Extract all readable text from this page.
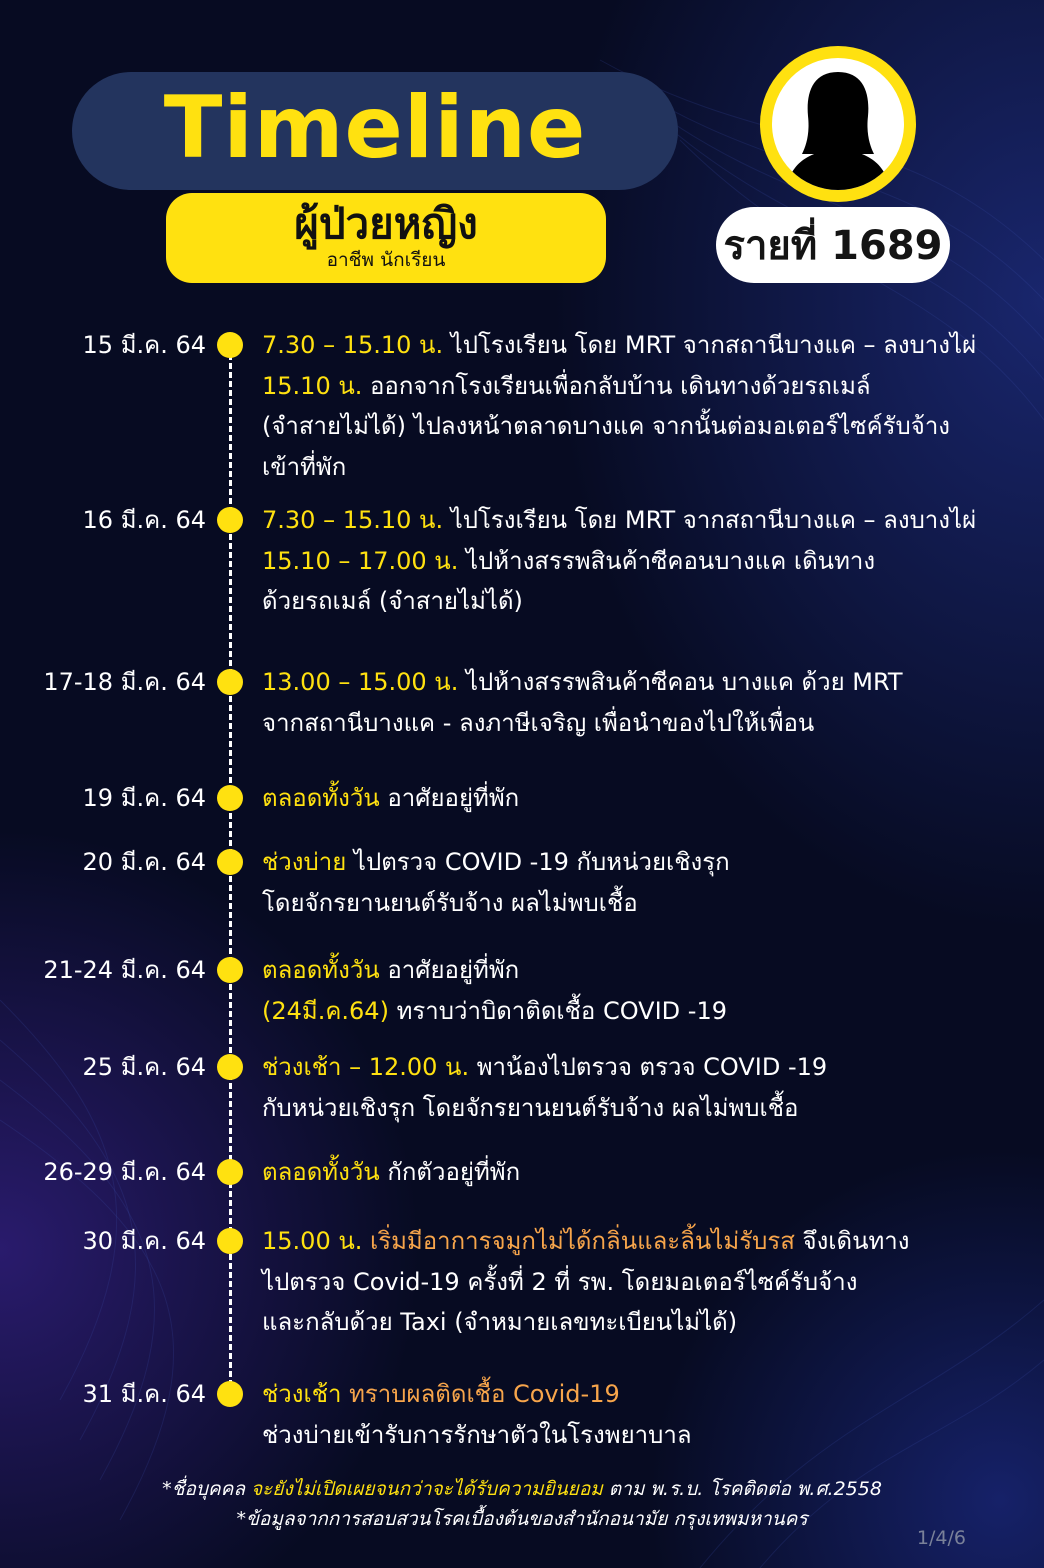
Timeline
ผู้ป่วยหญิง
อาชีพ นักเรียน	รายที่ 1689
15 มี.ค. 64 7.30 – 15.10 น. ไปโรงเรียน โดย MRT จากสถานีบางแค – ลงบางไผ่
15.10 น. ออกจากโรงเรียนเพื่อกลับบ้าน เดินทางด้วยรถเมล์
(จำสายไม่ได้) ไปลงหน้าตลาดบางแค จากนั้นต่อมอเตอร์ไซค์รับจ้าง
เข้าที่พัก
16 มี.ค. 64 7.30 – 15.10 น. ไปโรงเรียน โดย MRT จากสถานีบางแค – ลงบางไผ่
15.10 – 17.00 น. ไปห้างสรรพสินค้าซีคอนบางแค เดินทาง
ด้วยรถเมล์ (จำสายไม่ได้)
17-18 มี.ค. 64 13.00 – 15.00 น. ไปห้างสรรพสินค้าซีคอน บางแค ด้วย MRT
จากสถานีบางแค - ลงภาษีเจริญ เพื่อนำของไปให้เพื่อน
19 มี.ค. 64 ตลอดทั้งวัน อาศัยอยู่ที่พัก
20 มี.ค. 64 ช่วงบ่าย ไปตรวจ COVID -19 กับหน่วยเชิงรุก
โดยจักรยานยนต์รับจ้าง ผลไม่พบเชื้อ
21-24 มี.ค. 64 ตลอดทั้งวัน อาศัยอยู่ที่พัก
(24มี.ค.64) ทราบว่าบิดาติดเชื้อ COVID -19
25 มี.ค. 64 ช่วงเช้า – 12.00 น. พาน้องไปตรวจ ตรวจ COVID -19
กับหน่วยเชิงรุก โดยจักรยานยนต์รับจ้าง ผลไม่พบเชื้อ
26-29 มี.ค. 64 ตลอดทั้งวัน กักตัวอยู่ที่พัก
30 มี.ค. 64 15.00 น. เริ่มมีอาการจมูกไม่ได้กลิ่นและลิ้นไม่รับรส จึงเดินทาง
ไปตรวจ Covid-19 ครั้งที่ 2 ที่ รพ. โดยมอเตอร์ไซค์รับจ้าง
และกลับด้วย Taxi (จำหมายเลขทะเบียนไม่ได้)
31 มี.ค. 64 ช่วงเช้า ทราบผลติดเชื้อ Covid-19
ช่วงบ่ายเข้ารับการรักษาตัวในโรงพยาบาล
*ชื่อบุคคล จะยังไม่เปิดเผยจนกว่าจะได้รับความยินยอม ตาม พ.ร.บ. โรคติดต่อ พ.ศ.2558
*ข้อมูลจากการสอบสวนโรคเบื้องต้นของสำนักอนามัย กรุงเทพมหานคร
1/4/6
